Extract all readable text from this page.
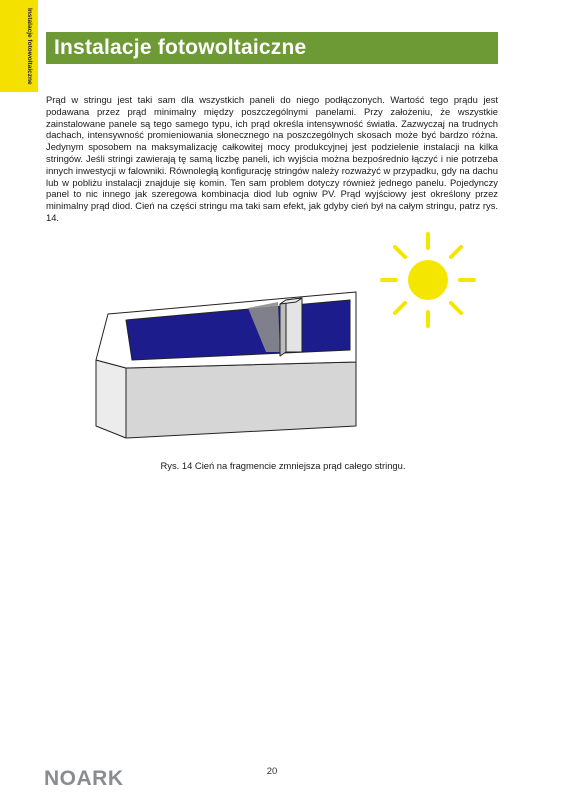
Instalacje fotowoltaiczne Instalacje fotowoltaiczne
Prąd w stringu jest taki sam dla wszystkich paneli do niego podłączonych. Wartość tego prądu jest podawana przez prąd minimalny między poszczególnymi panelami. Przy założeniu, że wszystkie zainstalowane panele są tego samego typu, ich prąd określa intensywność światła. Zazwyczaj na trudnych dachach, intensywność promieniowania słonecznego na poszczególnych skosach może być bardzo różna. Jedynym sposobem na maksymalizację całkowitej mocy produkcyjnej jest podzielenie instalacji na kilka stringów. Jeśli stringi zawierają tę samą liczbę paneli, ich wyjścia można bezpośrednio łączyć i nie potrzeba innych inwestycji w falowniki. Równoległą konfigurację stringów należy rozważyć w przypadku, gdy na dachu lub w pobliżu instalacji znajduje się komin. Ten sam problem dotyczy również jednego panelu. Pojedynczy panel to nic innego jak szeregowa kombinacja diod lub ogniw PV. Prąd wyjściowy jest określony przez minimalny prąd diod. Cień na części stringu ma taki sam efekt, jak gdyby cień był na całym stringu, patrz rys. 14.
Rys. 14 Cień na fragmencie zmniejsza prąd całego stringu.
NOARK	20
